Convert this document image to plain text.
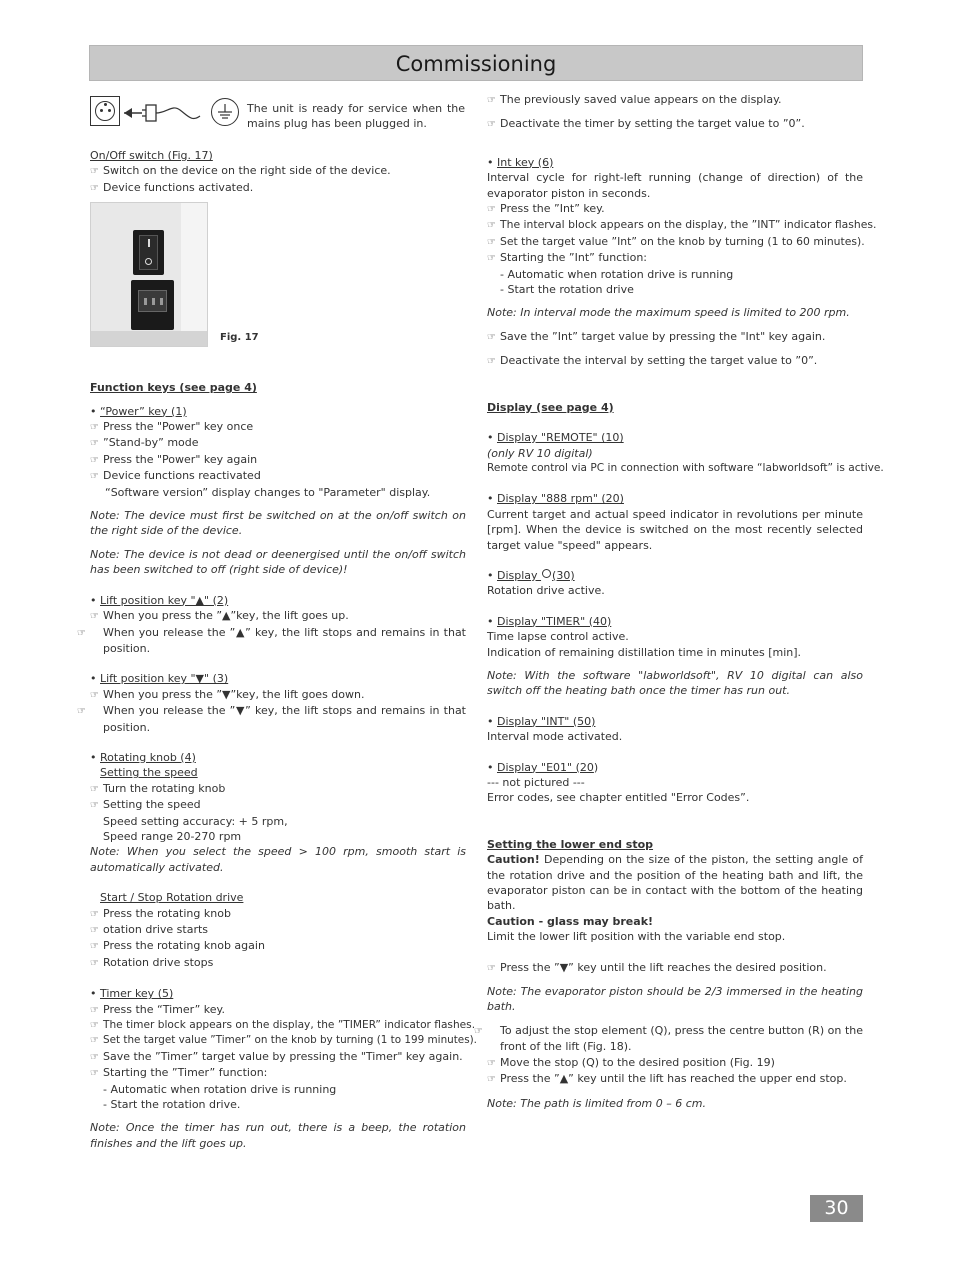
Commissioning
The unit is ready for service when the mains plug has been plugged in.
On/Off switch (Fig. 17)
☞ Switch on the device on the right side of the device.
☞ Device functions activated.
Fig. 17
Function keys (see page 4)
• “Power” key (1)
☞ Press the "Power" key once
☞ ”Stand-by” mode
☞ Press the "Power" key again
☞ Device functions reactivated
“Software version” display changes to "Parameter" display.
Note: The device must first be switched on at the on/off switch on the right side of the device.
Note: The device is not dead or deenergised until the on/off switch has been switched to off (right side of device)!
• Lift position key "▲" (2)
☞ When you press the ”▲”key, the lift goes up.
☞ When you release the ”▲” key, the lift stops and remains in that position.
• Lift position key "▼" (3)
☞ When you press the ”▼”key, the lift goes down.
☞ When you release the ”▼” key, the lift stops and remains in that position.
• Rotating knob (4)
Setting the speed
☞ Turn the rotating knob
☞ Setting the speed
Speed setting accuracy: + 5 rpm,
Speed range 20-270 rpm
Note: When you select the speed > 100 rpm, smooth start is automatically activated.
Start / Stop Rotation drive
☞ Press the rotating knob
☞ otation drive starts
☞ Press the rotating knob again
☞ Rotation drive stops
• Timer key (5)
☞ Press the “Timer” key.
☞ The timer block appears on the display, the ”TIMER” indicator flashes.
☞ Set the target value ”Timer” on the knob by turning (1 to 199 minutes).
☞ Save the ”Timer” target value by pressing the "Timer" key again.
☞ Starting the ”Timer” function:
- Automatic when rotation drive is running
- Start the rotation drive.
Note: Once the timer has run out, there is a beep, the rotation finishes and the lift goes up.
☞ The previously saved value appears on the display.
☞ Deactivate the timer by setting the target value to ”0”.
• Int key (6)
Interval cycle for right-left running (change of direction) of the evaporator piston in seconds.
☞ Press the ”Int” key.
☞ The interval block appears on the display, the ”INT” indicator flashes.
☞ Set the target value ”Int” on the knob by turning (1 to 60 minutes).
☞ Starting the ”Int” function:
- Automatic when rotation drive is running
- Start the rotation drive
Note: In interval mode the maximum speed is limited to 200 rpm.
☞ Save the ”Int” target value by pressing the "Int" key again.
☞ Deactivate the interval by setting the target value to ”0”.
Display (see page 4)
• Display "REMOTE" (10)
(only RV 10 digital)
Remote control via PC in connection with software “labworldsoft” is active.
• Display "888 rpm" (20)
Current target and actual speed indicator in revolutions per minute [rpm]. When the device is switched on the most recently selected target value "speed" appears.
• Display (30)
Rotation drive active.
• Display "TIMER" (40)
Time lapse control active.
Indication of remaining distillation time in minutes [min].
Note: With the software "labworldsoft", RV 10 digital can also switch off the heating bath once the timer has run out.
• Display "INT" (50)
Interval mode activated.
• Display "E01" (20)
--- not pictured ---
Error codes, see chapter entitled "Error Codes”.
Setting the lower end stop
Caution! Depending on the size of the piston, the setting angle of the rotation drive and the position of the heating bath and lift, the evaporator piston can be in contact with the bottom of the heating bath.
Caution - glass may break!
Limit the lower lift position with the variable end stop.
☞ Press the ”▼” key until the lift reaches the desired position.
Note: The evaporator piston should be 2/3 immersed in the heating bath.
☞ To adjust the stop element (Q), press the centre button (R) on the front of the lift (Fig. 18).
☞ Move the stop (Q) to the desired position (Fig. 19)
☞ Press the ”▲” key until the lift has reached the upper end stop.
Note: The path is limited from 0 – 6 cm.
30
